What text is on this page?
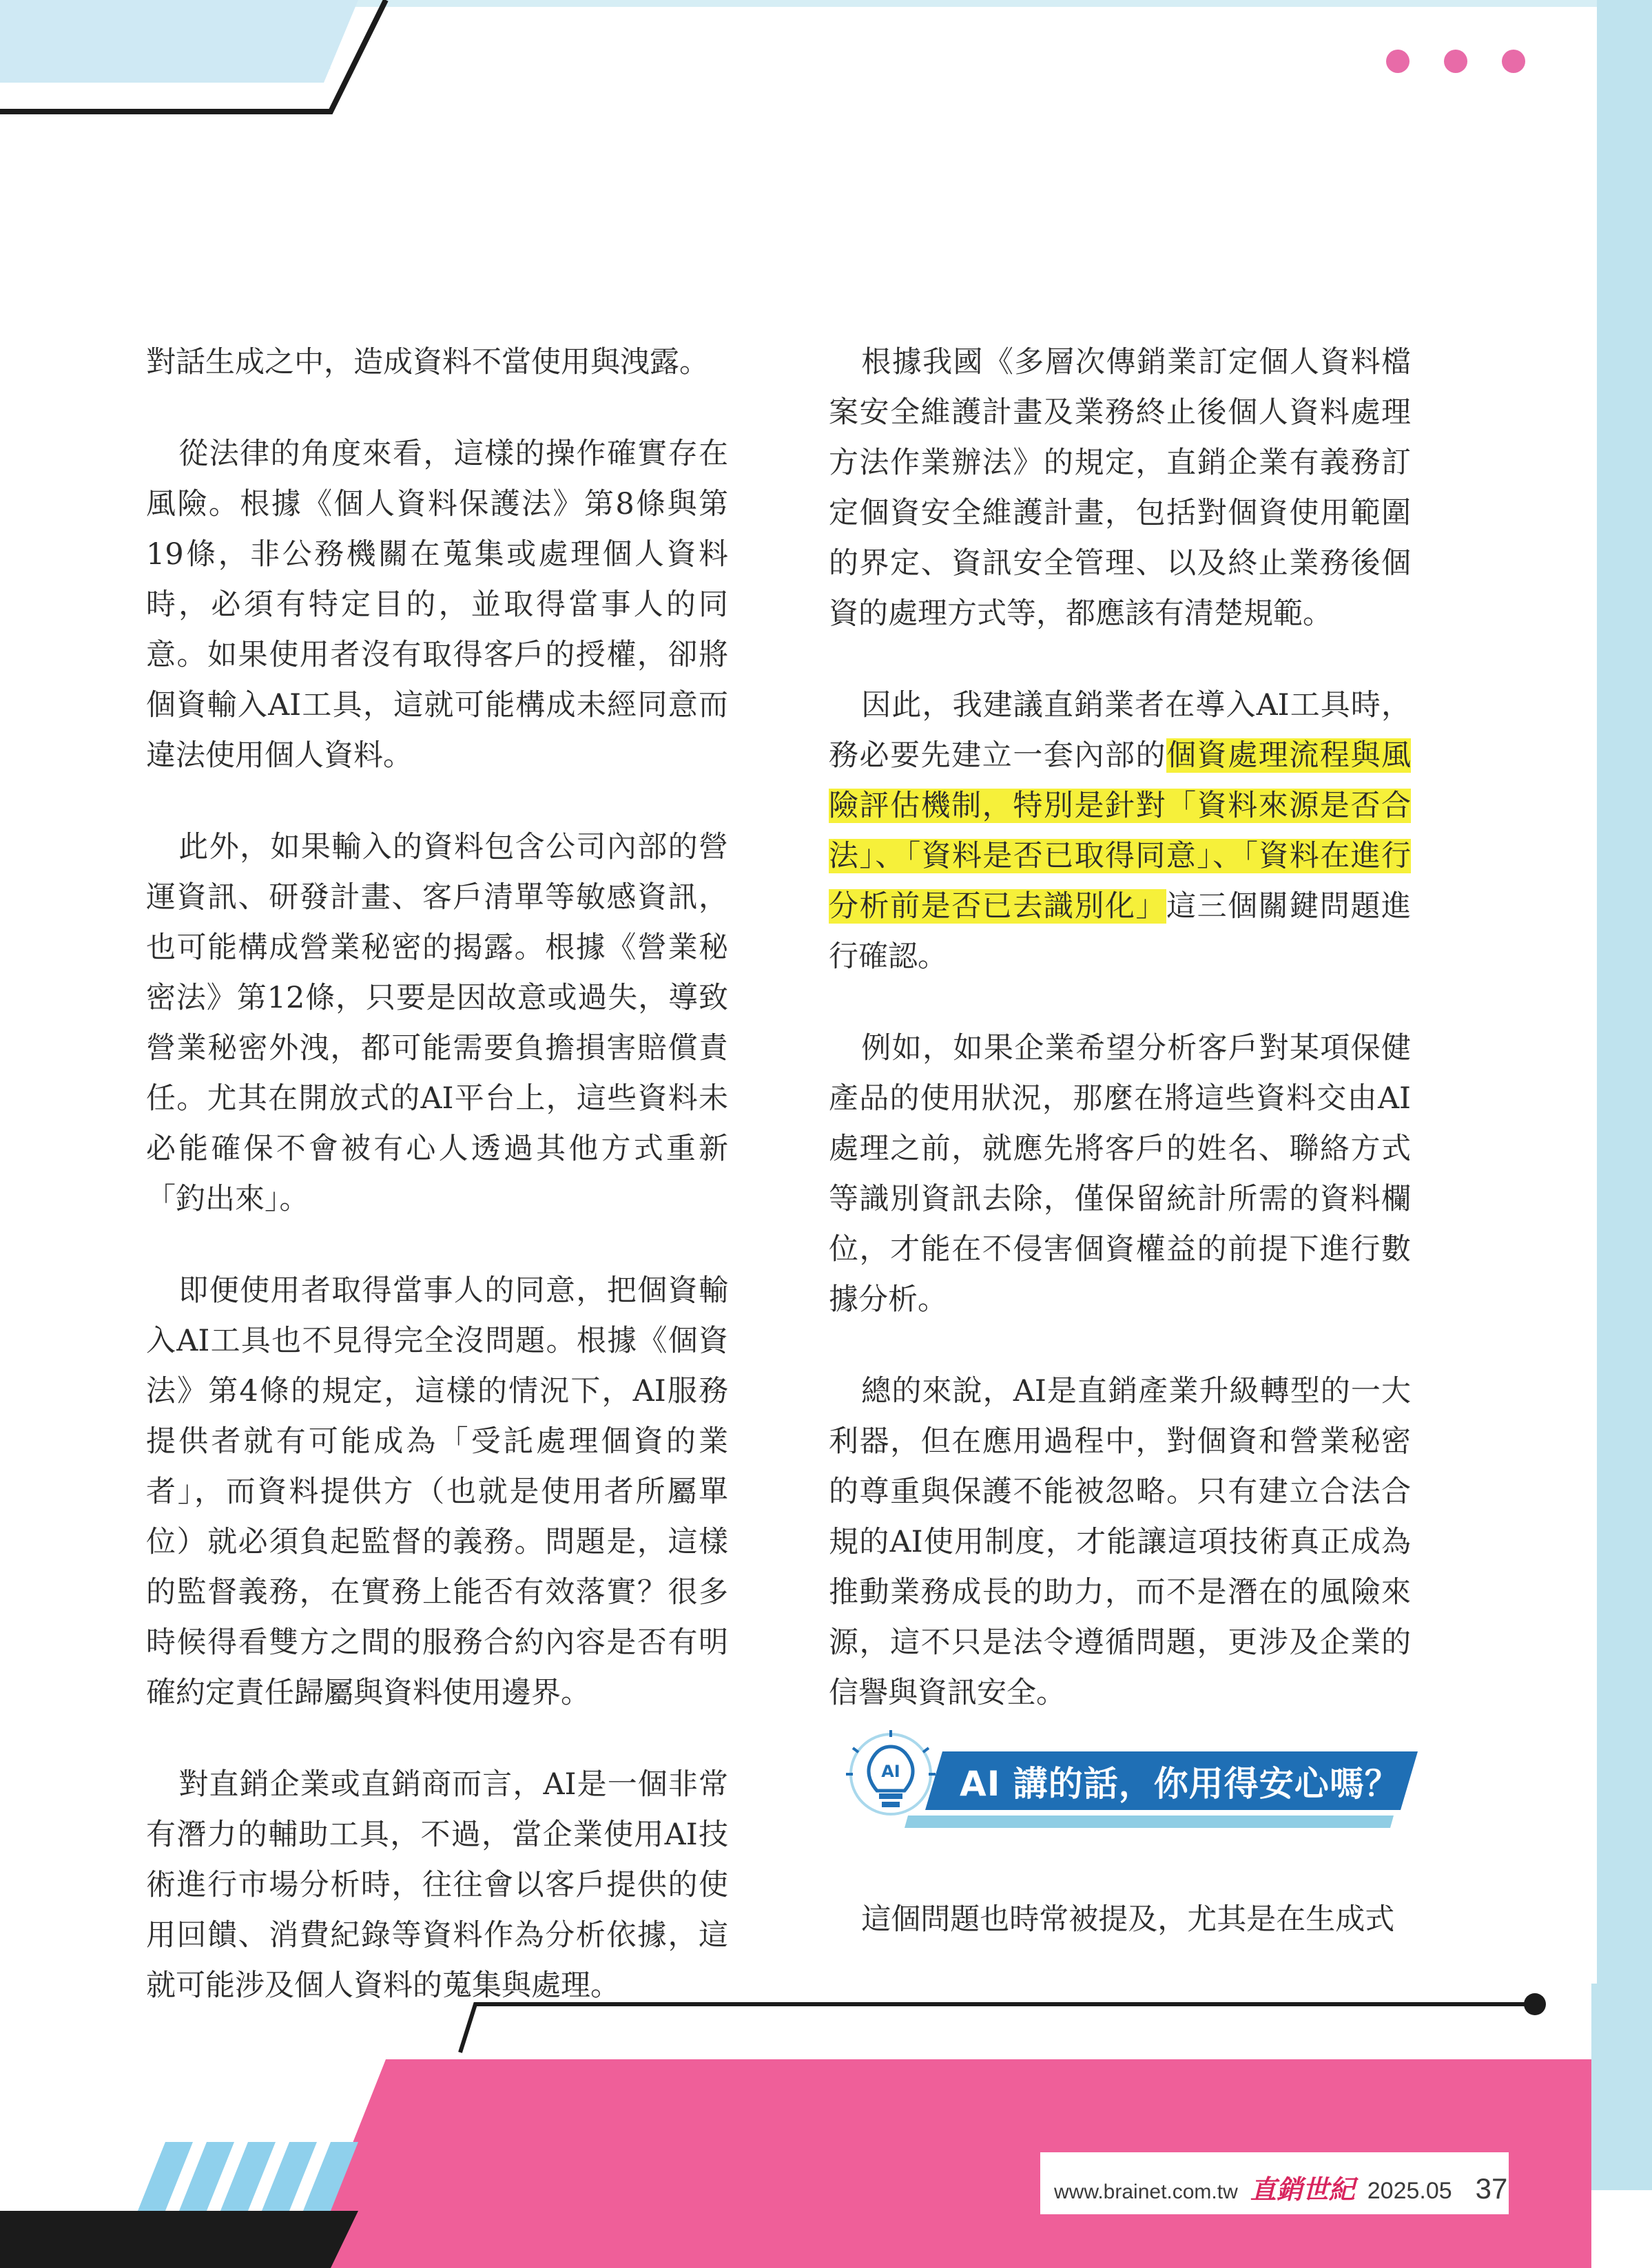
對話生成之中，造成資料不當使用與洩露。

從法律的角度來看，這樣的操作確實存在風險。根據《個人資料保護法》第8條與第19條，非公務機關在蒐集或處理個人資料時，必須有特定目的，並取得當事人的同意。如果使用者沒有取得客戶的授權，卻將個資輸入AI工具，這就可能構成未經同意而違法使用個人資料。

此外，如果輸入的資料包含公司內部的營運資訊、研發計畫、客戶清單等敏感資訊，也可能構成營業秘密的揭露。根據《營業秘密法》第12條，只要是因故意或過失，導致營業秘密外洩，都可能需要負擔損害賠償責任。尤其在開放式的AI平台上，這些資料未必能確保不會被有心人透過其他方式重新「釣出來」。

即便使用者取得當事人的同意，把個資輸入AI工具也不見得完全沒問題。根據《個資法》第4條的規定，這樣的情況下，AI服務提供者就有可能成為「受託處理個資的業者」，而資料提供方（也就是使用者所屬單位）就必須負起監督的義務。問題是，這樣的監督義務，在實務上能否有效落實？很多時候得看雙方之間的服務合約內容是否有明確約定責任歸屬與資料使用邊界。

對直銷企業或直銷商而言，AI是一個非常有潛力的輔助工具，不過，當企業使用AI技術進行市場分析時，往往會以客戶提供的使用回饋、消費紀錄等資料作為分析依據，這就可能涉及個人資料的蒐集與處理。

根據我國《多層次傳銷業訂定個人資料檔案安全維護計畫及業務終止後個人資料處理方法作業辦法》的規定，直銷企業有義務訂定個資安全維護計畫，包括對個資使用範圍的界定、資訊安全管理、以及終止業務後個資的處理方式等，都應該有清楚規範。

因此，我建議直銷業者在導入AI工具時，務必要先建立一套內部的個資處理流程與風險評估機制，特別是針對「資料來源是否合法」、「資料是否已取得同意」、「資料在進行分析前是否已去識別化」這三個關鍵問題進行確認。

例如，如果企業希望分析客戶對某項保健產品的使用狀況，那麼在將這些資料交由AI處理之前，就應先將客戶的姓名、聯絡方式等識別資訊去除，僅保留統計所需的資料欄位，才能在不侵害個資權益的前提下進行數據分析。

總的來說，AI是直銷產業升級轉型的一大利器，但在應用過程中，對個資和營業秘密的尊重與保護不能被忽略。只有建立合法合規的AI使用制度，才能讓這項技術真正成為推動業務成長的助力，而不是潛在的風險來源，這不只是法令遵循問題，更涉及企業的信譽與資訊安全。

AI AI 講的話，你用得安心嗎？

這個問題也時常被提及，尤其是在生成式

www.brainet.com.tw 直銷世紀 2025.05 37
